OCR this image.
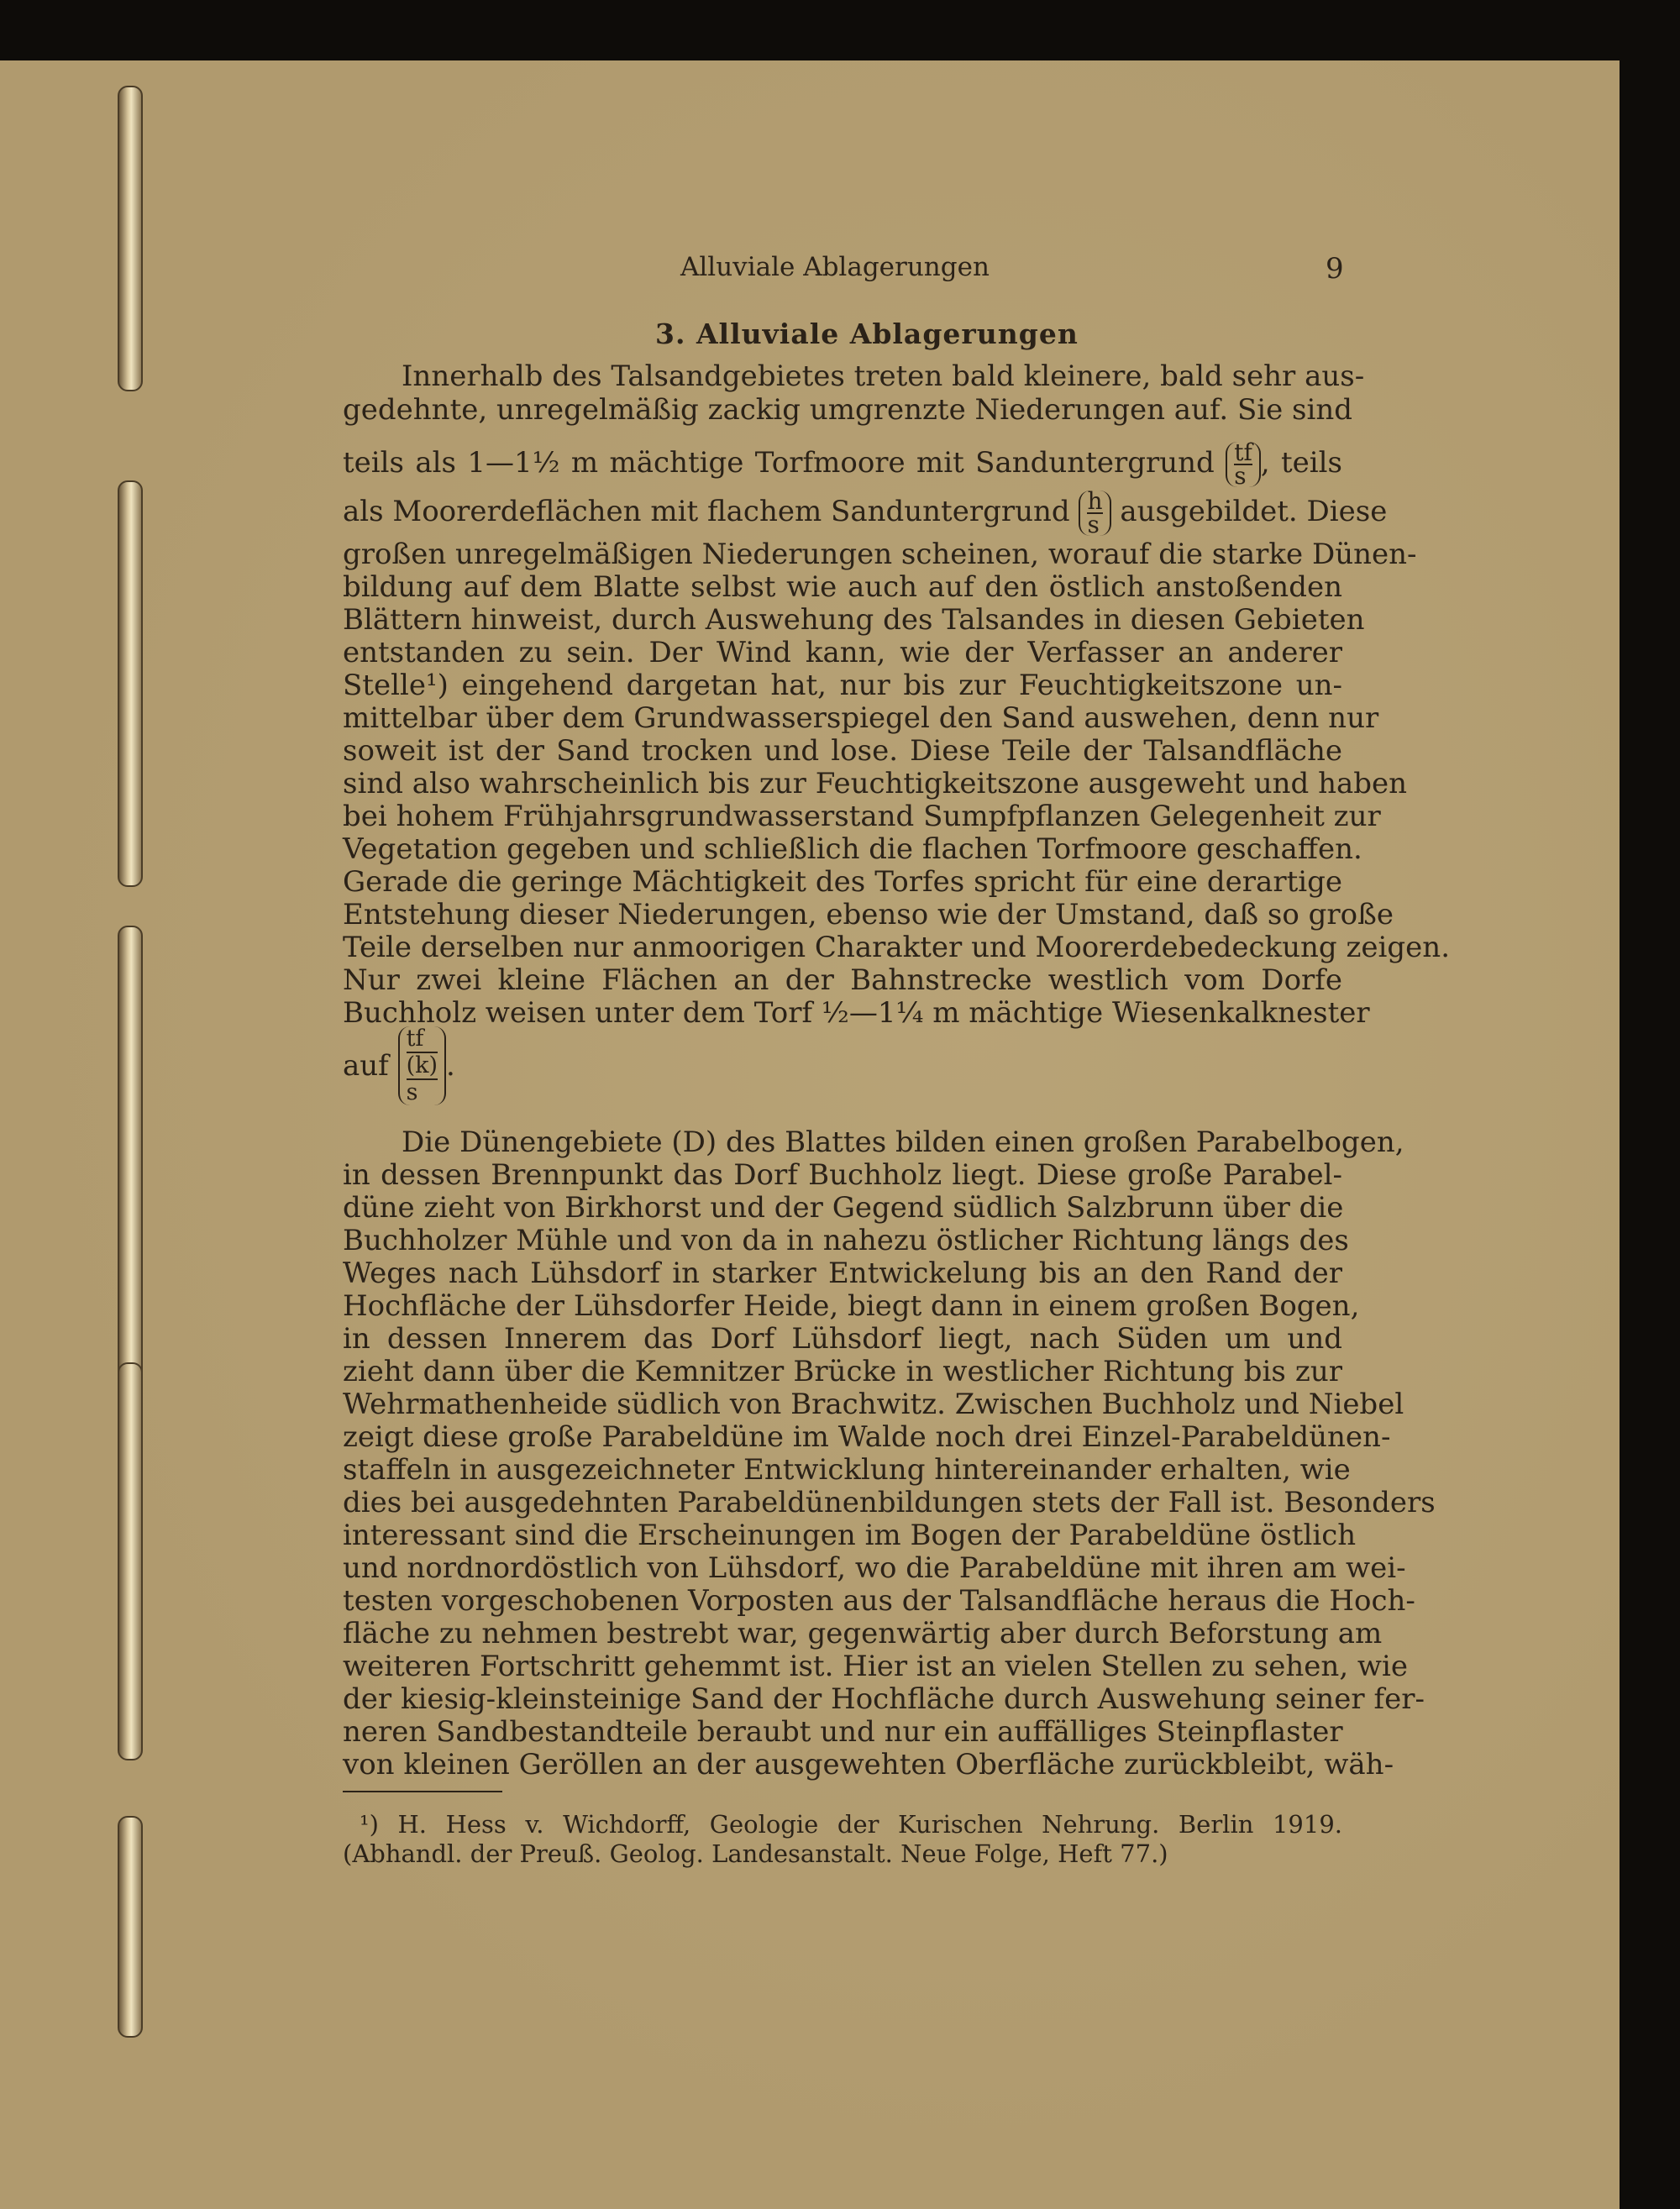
Alluviale Ablagerungen	9
3. Alluviale Ablagerungen
Innerhalb des Talsandgebietes treten bald kleinere, bald sehr aus-
gedehnte, unregelmäßig zackig umgrenzte Niederungen auf. Sie sind
teils als 1—1½ m mächtige Torfmoore mit Sanduntergrund $\frac{tf}{s}$ , teils
als Moorerdeflächen mit flachem Sanduntergrund $\frac{h}{s}$ ausgebildet. Diese
großen unregelmäßigen Niederungen scheinen, worauf die starke Dünen-
bildung auf dem Blatte selbst wie auch auf den östlich anstoßenden
Blättern hinweist, durch Auswehung des Talsandes in diesen Gebieten
entstanden zu sein. Der Wind kann, wie der Verfasser an anderer
Stelle¹) eingehend dargetan hat, nur bis zur Feuchtigkeitszone un-
mittelbar über dem Grundwasserspiegel den Sand auswehen, denn nur
soweit ist der Sand trocken und lose. Diese Teile der Talsandfläche
sind also wahrscheinlich bis zur Feuchtigkeitszone ausgeweht und haben
bei hohem Frühjahrsgrundwasserstand Sumpfpflanzen Gelegenheit zur
Vegetation gegeben und schließlich die flachen Torfmoore geschaffen.
Gerade die geringe Mächtigkeit des Torfes spricht für eine derartige
Entstehung dieser Niederungen, ebenso wie der Umstand, daß so große
Teile derselben nur anmoorigen Charakter und Moorerdebedeckung zeigen.
Nur zwei kleine Flächen an der Bahnstrecke westlich vom Dorfe
Buchholz weisen unter dem Torf ½—1¼ m mächtige Wiesenkalknester
auf
tf
(k)
s
.
Die Dünengebiete (D) des Blattes bilden einen großen Parabelbogen,
in dessen Brennpunkt das Dorf Buchholz liegt. Diese große Parabel-
düne zieht von Birkhorst und der Gegend südlich Salzbrunn über die
Buchholzer Mühle und von da in nahezu östlicher Richtung längs des
Weges nach Lühsdorf in starker Entwickelung bis an den Rand der
Hochfläche der Lühsdorfer Heide, biegt dann in einem großen Bogen,
in dessen Innerem das Dorf Lühsdorf liegt, nach Süden um und
zieht dann über die Kemnitzer Brücke in westlicher Richtung bis zur
Wehrmathenheide südlich von Brachwitz. Zwischen Buchholz und Niebel
zeigt diese große Parabeldüne im Walde noch drei Einzel-Parabeldünen-
staffeln in ausgezeichneter Entwicklung hintereinander erhalten, wie
dies bei ausgedehnten Parabeldünenbildungen stets der Fall ist. Besonders
interessant sind die Erscheinungen im Bogen der Parabeldüne östlich
und nordnordöstlich von Lühsdorf, wo die Parabeldüne mit ihren am wei-
testen vorgeschobenen Vorposten aus der Talsandfläche heraus die Hoch-
fläche zu nehmen bestrebt war, gegenwärtig aber durch Beforstung am
weiteren Fortschritt gehemmt ist. Hier ist an vielen Stellen zu sehen, wie
der kiesig-kleinsteinige Sand der Hochfläche durch Auswehung seiner fer-
neren Sandbestandteile beraubt und nur ein auffälliges Steinpflaster
von kleinen Geröllen an der ausgewehten Oberfläche zurückbleibt, wäh-
¹) H. Hess v. Wichdorff, Geologie der Kurischen Nehrung. Berlin 1919.
(Abhandl. der Preuß. Geolog. Landesanstalt. Neue Folge, Heft 77.)
